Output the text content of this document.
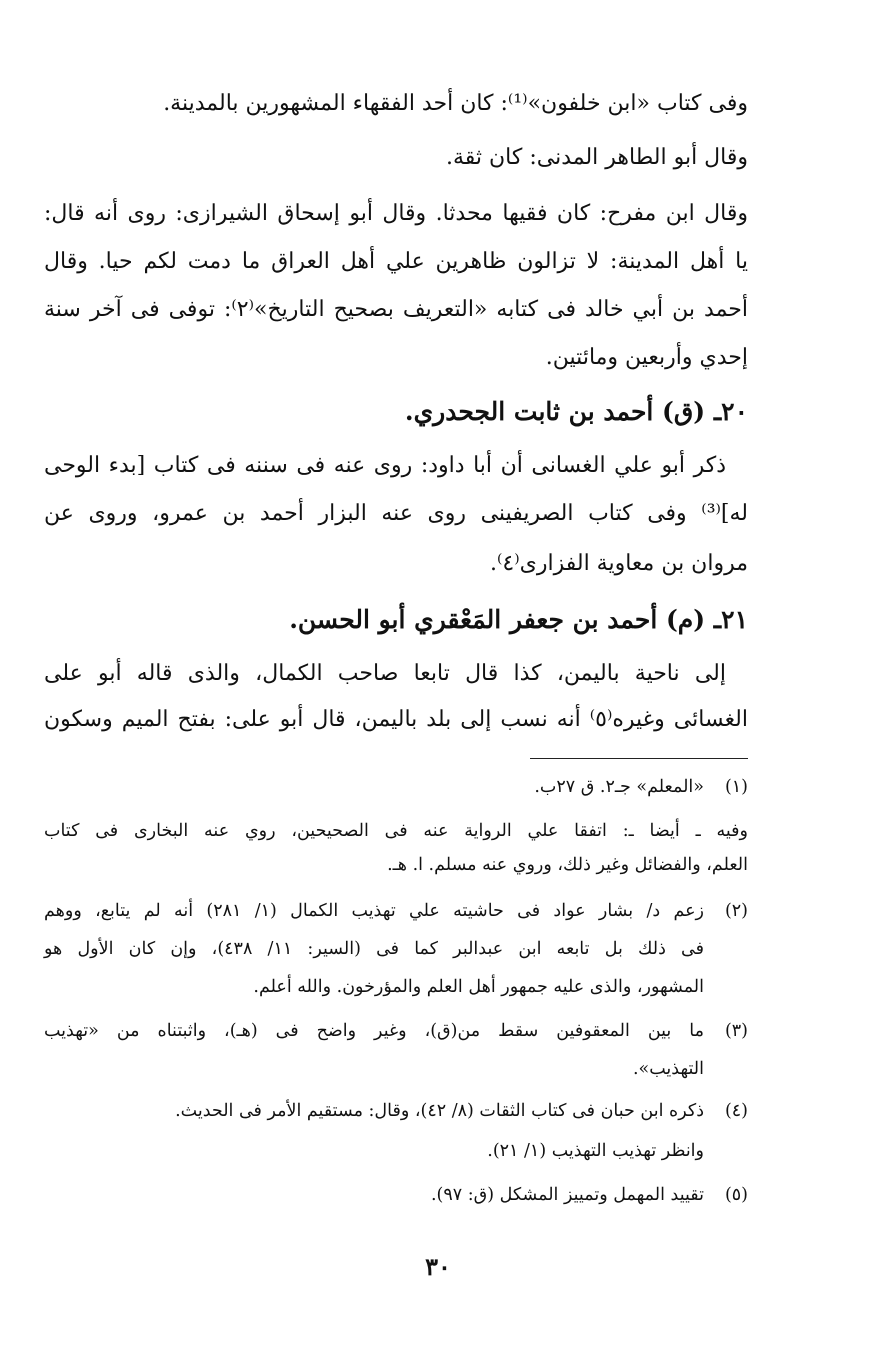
وفى كتاب «ابن خلفون»⁽¹⁾: كان أحد الفقهاء المشهورين بالمدينة.
وقال أبو الطاهر المدنى: كان ثقة.
وقال ابن مفرح: كان فقيها محدثا. وقال أبو إسحاق الشيرازى: روى أنه قال:
يا أهل المدينة: لا تزالون ظاهرين علي أهل العراق ما دمت لكم حيا. وقال
أحمد بن أبي خالد فى كتابه «التعريف بصحيح التاريخ»⁽٢⁾: توفى فى آخر سنة
إحدي وأربعين ومائتين.
٢٠ـ (ق) أحمد بن ثابت الجحدري.
ذكر أبو علي الغسانى أن أبا داود: روى عنه فى سننه فى كتاب [بدء الوحى
له]⁽³⁾ وفى كتاب الصريفينى روى عنه البزار أحمد بن عمرو، وروى عن
مروان بن معاوية الفزارى⁽٤⁾.
٢١ـ (م) أحمد بن جعفر المَعْقري أبو الحسن.
إلى ناحية باليمن، كذا قال تابعا صاحب الكمال، والذى قاله أبو على
الغسائى وغيره⁽٥⁾ أنه نسب إلى بلد باليمن، قال أبو على: بفتح الميم وسكون
(١)
«المعلم» جـ٢. ق ٢٧ب.
وفيه ـ أيضا ـ: اتفقا علي الرواية عنه فى الصحيحين، روي عنه البخارى فى كتاب
العلم، والفضائل وغير ذلك، وروي عنه مسلم. ا. هـ.
(٢)
زعم د/ بشار عواد فى حاشيته علي تهذيب الكمال (١/ ٢٨١) أنه لم يتابع، ووهم
فى ذلك بل تابعه ابن عبدالبر كما فى (السير: ١١/ ٤٣٨)، وإن كان الأول هو
المشهور، والذى عليه جمهور أهل العلم والمؤرخون. والله أعلم.
(٣)
ما بين المعقوفين سقط من(ق)، وغير واضح فى (هـ)، واثبتناه من «تهذيب
التهذيب».
(٤)
ذكره ابن حبان فى كتاب الثقات (٨/ ٤٢)، وقال: مستقيم الأمر فى الحديث.
وانظر تهذيب التهذيب (١/ ٢١).
(٥)
تقييد المهمل وتمييز المشكل (ق: ٩٧).
٣٠
